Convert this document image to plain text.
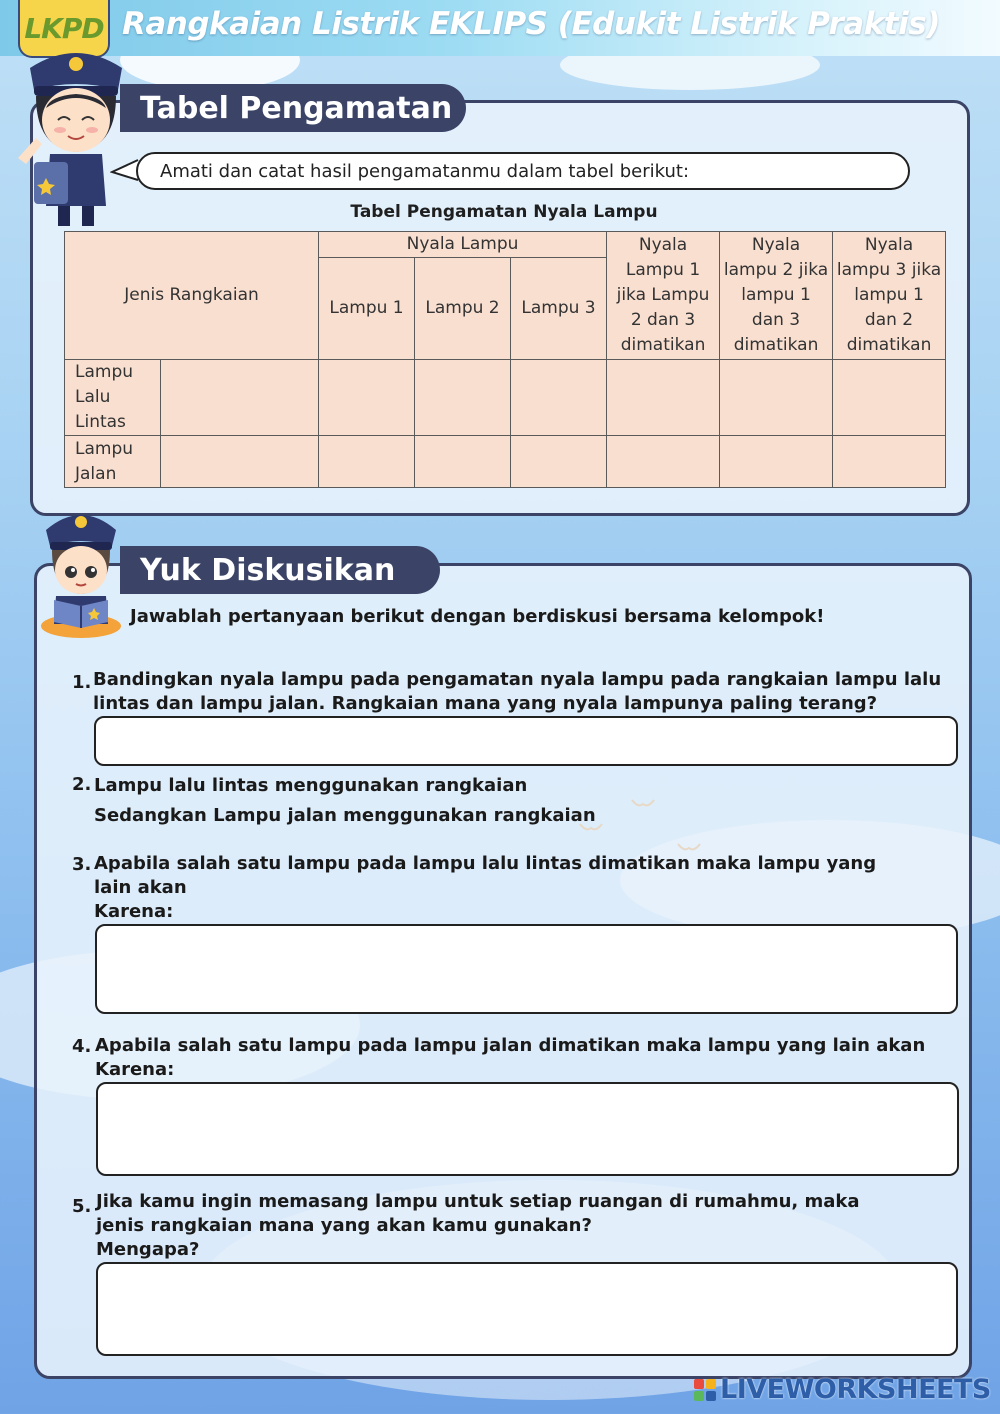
LKPD Rangkaian Listrik EKLIPS (Edukit Listrik Praktis)
Tabel Pengamatan
Amati dan catat hasil pengamatanmu dalam tabel berikut:
Tabel Pengamatan Nyala Lampu
Jenis Rangkaian		Nyala Lampu			Nyala Lampu 1 jika Lampu 2 dan 3 dimatikan	Nyala lampu 2 jika lampu 1 dan 3 dimatikan	Nyala lampu 3 jika lampu 1 dan 2 dimatikan
		Lampu 1	Lampu 2	Lampu 3			
Lampu Lalu Lintas							
Lampu Jalan							
Yuk Diskusikan
Jawablah pertanyaan berikut dengan berdiskusi bersama kelompok!
1. Bandingkan nyala lampu pada pengamatan nyala lampu pada rangkaian lampu lalu lintas dan lampu jalan. Rangkaian mana yang nyala lampunya paling terang?
2. Lampu lalu lintas menggunakan rangkaian
Sedangkan Lampu jalan menggunakan rangkaian
3. Apabila salah satu lampu pada lampu lalu lintas dimatikan maka lampu yang lain akan
Karena:
4. Apabila salah satu lampu pada lampu jalan dimatikan maka lampu yang lain akan
Karena:
5. Jika kamu ingin memasang lampu untuk setiap ruangan di rumahmu, maka jenis rangkaian mana yang akan kamu gunakan?
Mengapa?
LIVEWORKSHEETS
